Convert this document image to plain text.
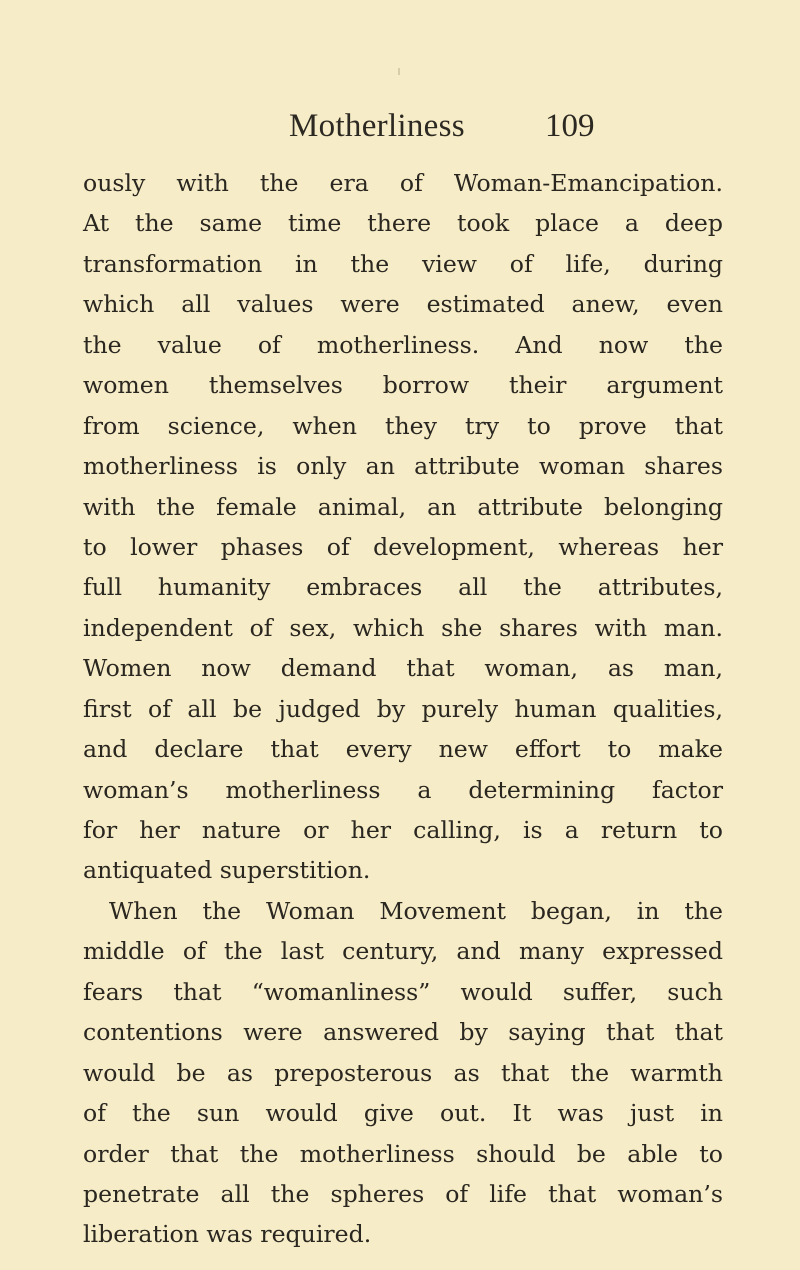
Motherliness 109
ously with the era of Woman-Emancipation.
At the same time there took place a deep
transformation in the view of life, during
which all values were estimated anew, even
the value of motherliness. And now the
women themselves borrow their argument
from science, when they try to prove that
motherliness is only an attribute woman shares
with the female animal, an attribute belonging
to lower phases of development, whereas her
full humanity embraces all the attributes,
independent of sex, which she shares with man.
Women now demand that woman, as man,
first of all be judged by purely human qualities,
and declare that every new effort to make
woman’s motherliness a determining factor
for her nature or her calling, is a return to
antiquated superstition.
When the Woman Movement began, in the
middle of the last century, and many expressed
fears that “womanliness” would suffer, such
contentions were answered by saying that that
would be as preposterous as that the warmth
of the sun would give out. It was just in
order that the motherliness should be able to
penetrate all the spheres of life that woman’s
liberation was required.
